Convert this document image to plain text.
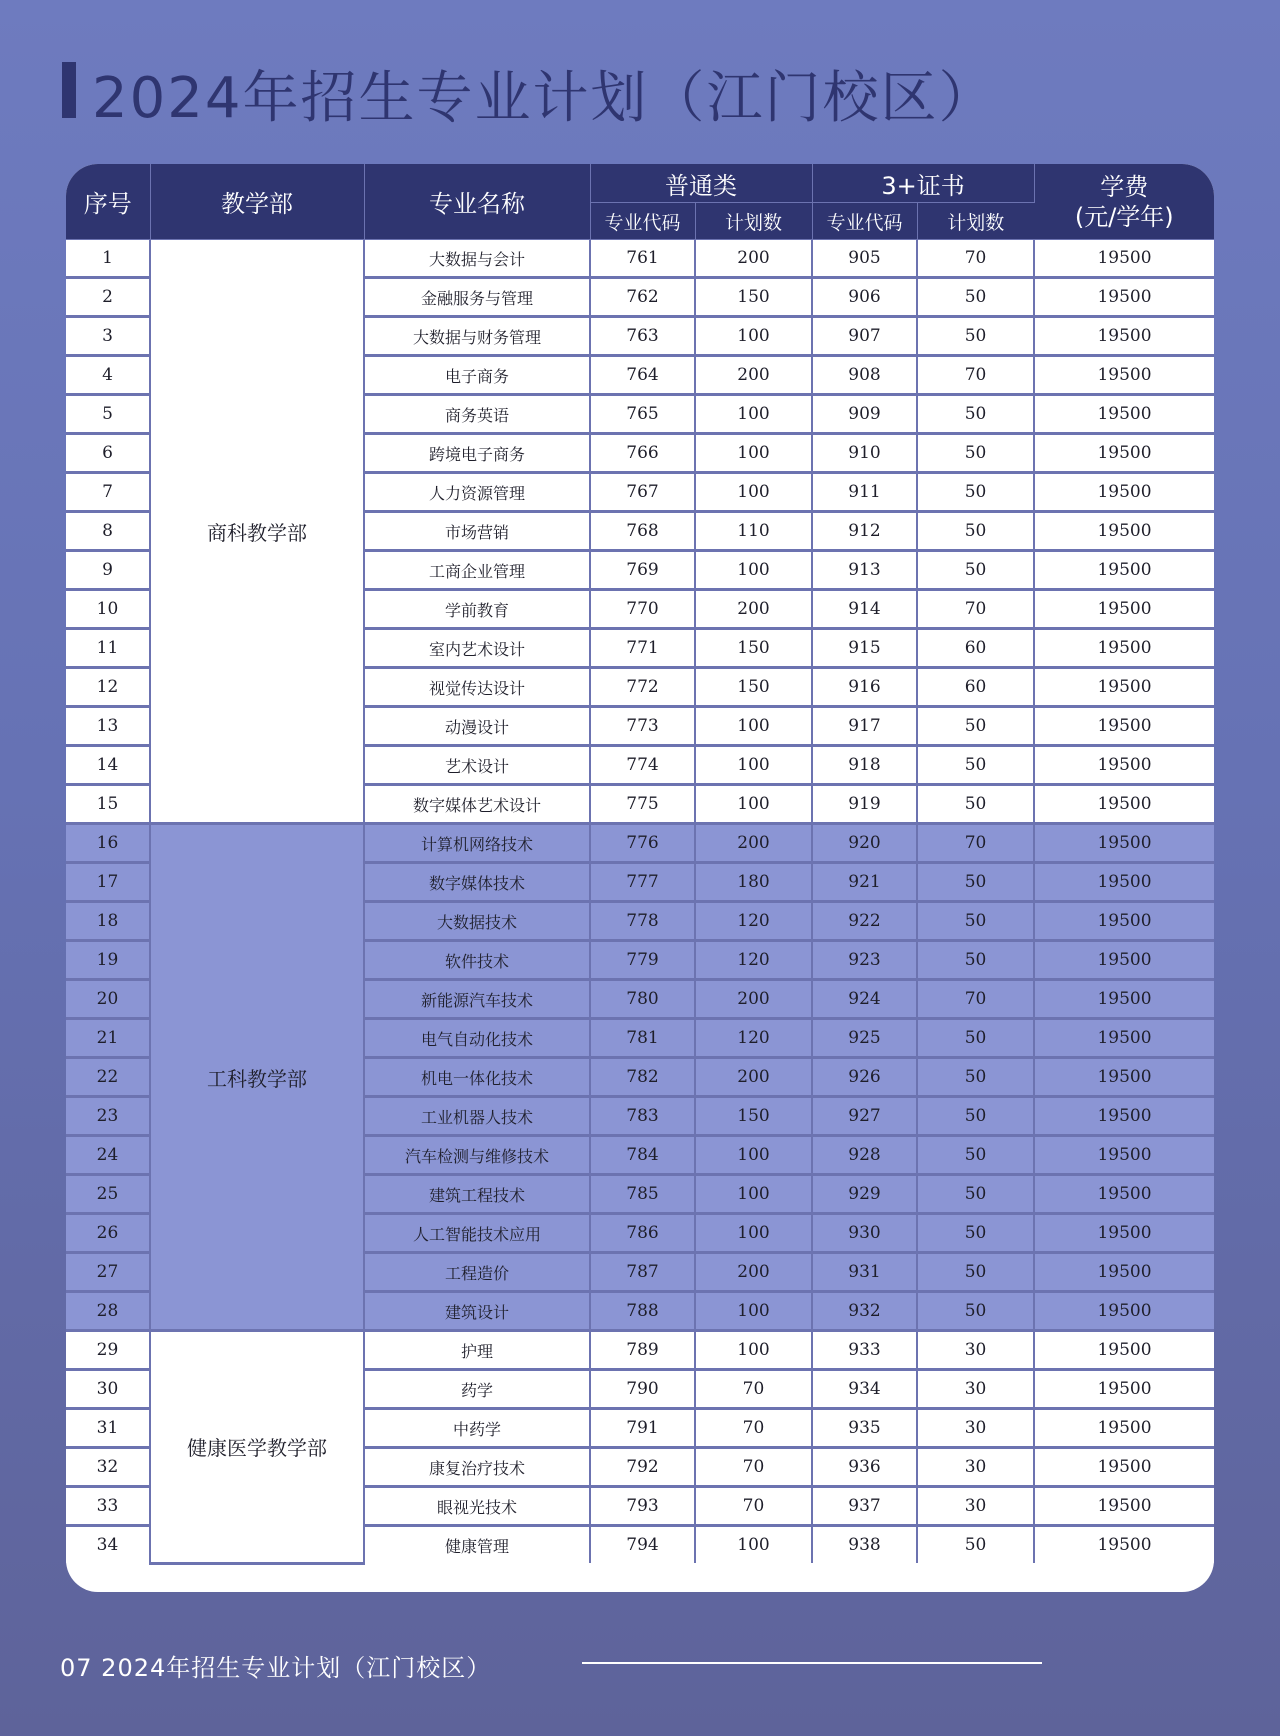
2024年招生专业计划（江门校区）
序号	教学部	专业名称	普通类		3+证书		学费
(元/学年)

			专业代码	计划数	专业代码	计划数	
1	商科教学部	大数据与会计	761	200	905	70	19500
2		金融服务与管理	762	150	906	50	19500
3		大数据与财务管理	763	100	907	50	19500
4		电子商务	764	200	908	70	19500
5		商务英语	765	100	909	50	19500
6		跨境电子商务	766	100	910	50	19500
7		人力资源管理	767	100	911	50	19500
8		市场营销	768	110	912	50	19500
9		工商企业管理	769	100	913	50	19500
10		学前教育	770	200	914	70	19500
11		室内艺术设计	771	150	915	60	19500
12		视觉传达设计	772	150	916	60	19500
13		动漫设计	773	100	917	50	19500
14		艺术设计	774	100	918	50	19500
15		数字媒体艺术设计	775	100	919	50	19500
16	工科教学部	计算机网络技术	776	200	920	70	19500
17		数字媒体技术	777	180	921	50	19500
18		大数据技术	778	120	922	50	19500
19		软件技术	779	120	923	50	19500
20		新能源汽车技术	780	200	924	70	19500
21		电气自动化技术	781	120	925	50	19500
22		机电一体化技术	782	200	926	50	19500
23		工业机器人技术	783	150	927	50	19500
24		汽车检测与维修技术	784	100	928	50	19500
25		建筑工程技术	785	100	929	50	19500
26		人工智能技术应用	786	100	930	50	19500
27		工程造价	787	200	931	50	19500
28		建筑设计	788	100	932	50	19500
29	健康医学教学部	护理	789	100	933	30	19500
30		药学	790	70	934	30	19500
31		中药学	791	70	935	30	19500
32		康复治疗技术	792	70	936	30	19500
33		眼视光技术	793	70	937	30	19500
34		健康管理	794	100	938	50	19500
07 2024年招生专业计划（江门校区）
